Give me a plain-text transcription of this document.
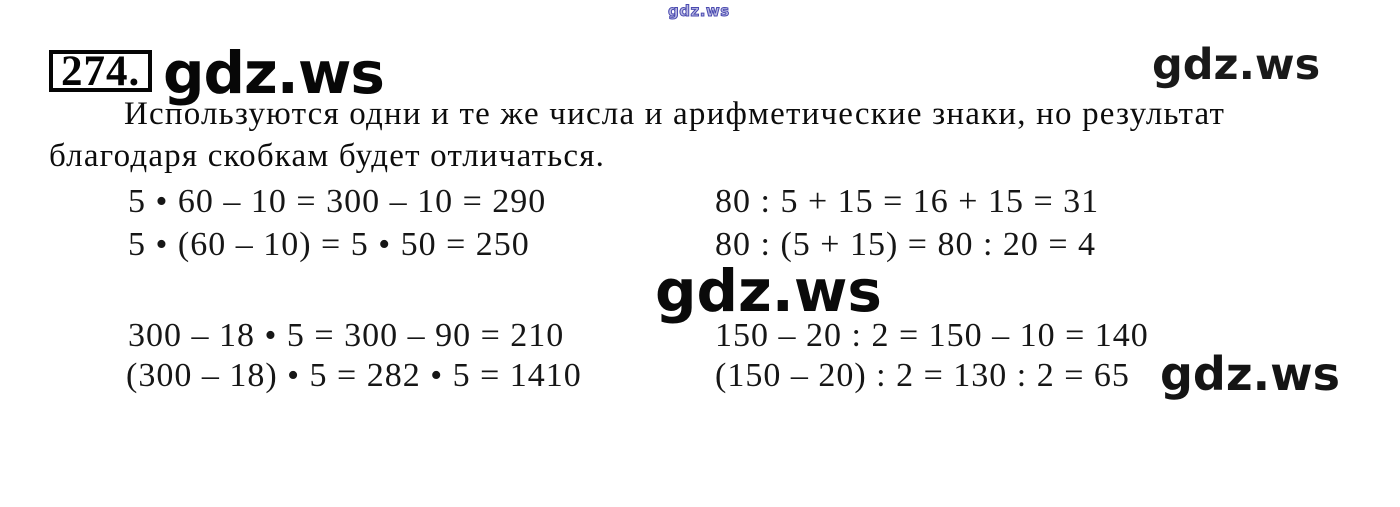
gdz.ws
274. gdz.ws	gdz.ws
Используются одни и те же числа и арифметические знаки, но результат
благодаря скобкам будет отличаться.
5 • 60 – 10 = 300 – 10 = 290
5 • (60 – 10) = 5 • 50 = 250
80 : 5 + 15 = 16 + 15 = 31
80 : (5 + 15) = 80 : 20 = 4
gdz.ws
300 – 18 • 5 = 300 – 90 = 210
(300 – 18) • 5 = 282 • 5 = 1410
150 – 20 : 2 = 150 – 10 = 140
(150 – 20) : 2 = 130 : 2 = 65 gdz.ws
